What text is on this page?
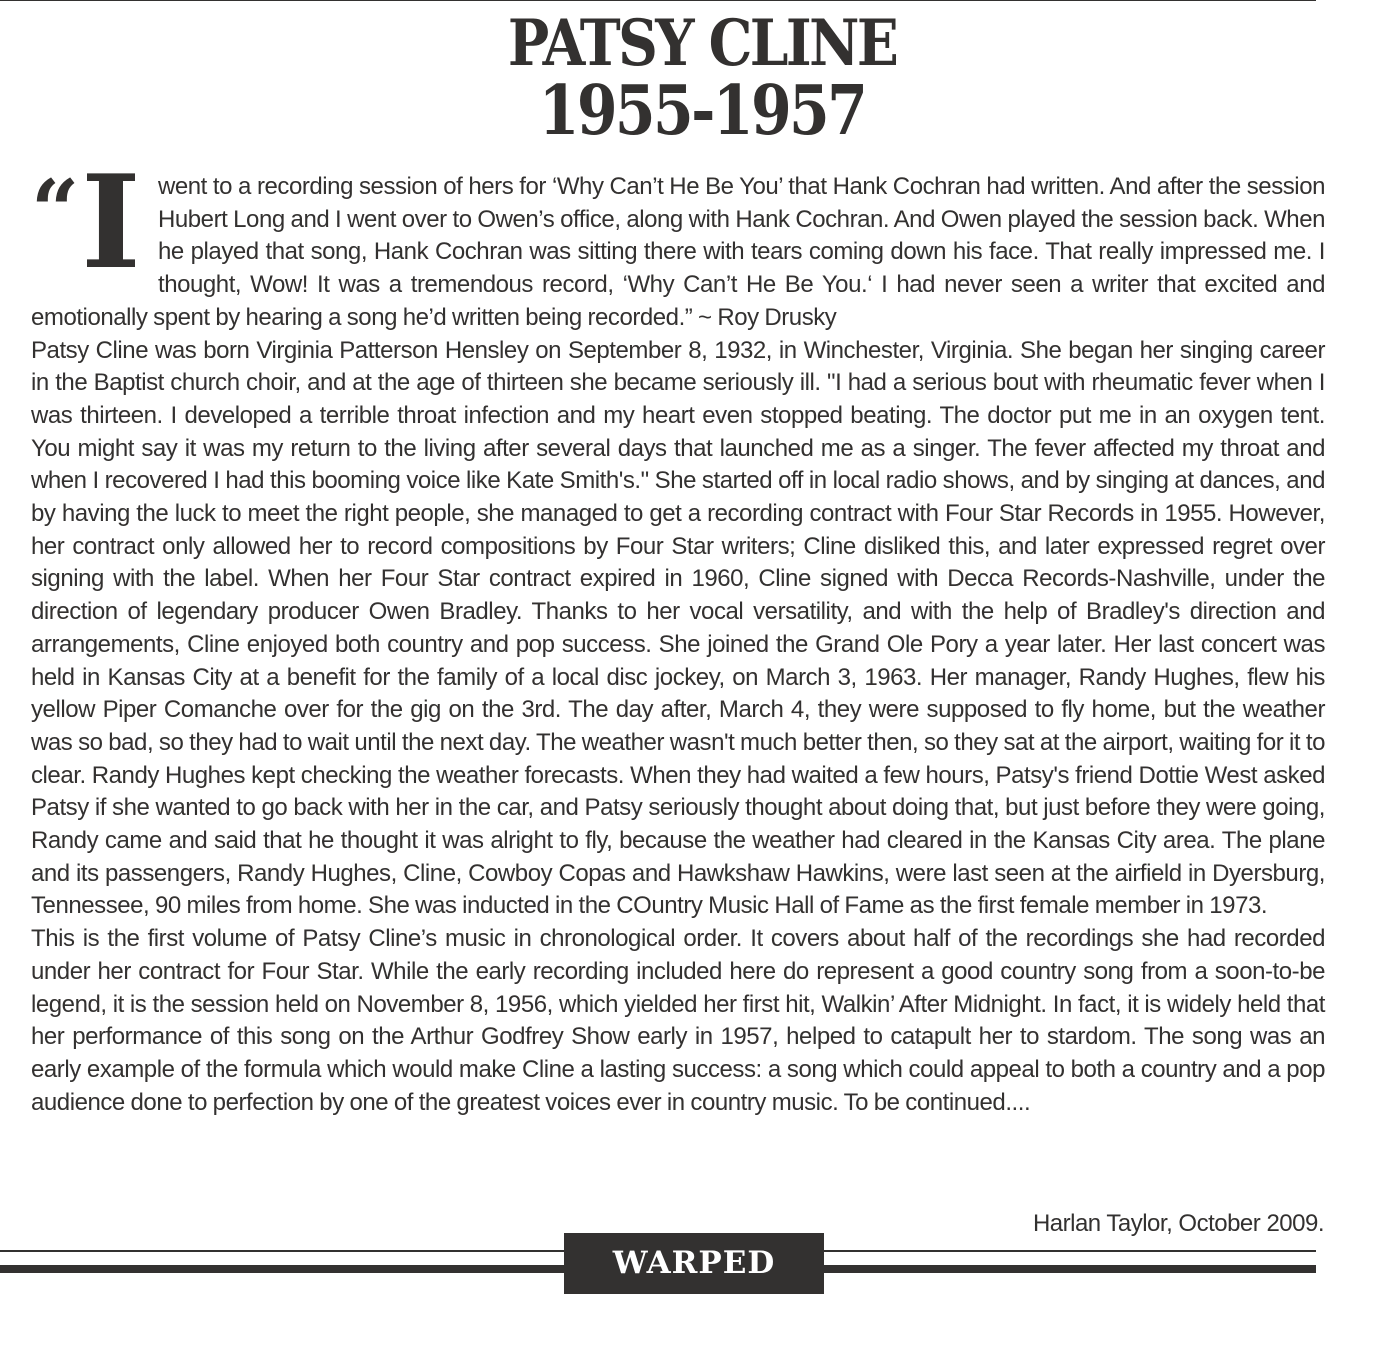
PATSY CLINE
1955-1957

“ I went to a recording session of hers for ‘Why Can’t He Be You’ that Hank Cochran had written. And after the session Hubert Long and I went over to Owen’s office, along with Hank Cochran. And Owen played the session back. When he played that song, Hank Cochran was sitting there with tears coming down his face. That really impressed me. I thought, Wow! It was a tremendous record, ‘Why Can’t He Be You.‘ I had never seen a writer that excited and emotionally spent by hearing a song he’d written being recorded.” ~ Roy Drusky

Patsy Cline was born Virginia Patterson Hensley on September 8, 1932, in Winchester, Virginia. She began her singing career in the Baptist church choir, and at the age of thirteen she became seriously ill. "I had a serious bout with rheumatic fever when I was thirteen. I developed a terrible throat infection and my heart even stopped beating. The doctor put me in an oxygen tent. You might say it was my return to the living after several days that launched me as a singer. The fever affected my throat and when I recovered I had this booming voice like Kate Smith's." She started off in local radio shows, and by singing at dances, and by having the luck to meet the right people, she managed to get a recording contract with Four Star Records in 1955. However, her contract only allowed her to record compositions by Four Star writers; Cline disliked this, and later expressed regret over signing with the label. When her Four Star contract expired in 1960, Cline signed with Decca Records-Nashville, under the direction of legendary producer Owen Bradley. Thanks to her vocal versatility, and with the help of Bradley's direction and arrangements, Cline enjoyed both country and pop success. She joined the Grand Ole Pory a year later. Her last concert was held in Kansas City at a benefit for the family of a local disc jockey, on March 3, 1963. Her manager, Randy Hughes, flew his yellow Piper Comanche over for the gig on the 3rd. The day after, March 4, they were supposed to fly home, but the weather was so bad, so they had to wait until the next day. The weather wasn't much better then, so they sat at the airport, waiting for it to clear. Randy Hughes kept checking the weather forecasts. When they had waited a few hours, Patsy's friend Dottie West asked Patsy if she wanted to go back with her in the car, and Patsy seriously thought about doing that, but just before they were going, Randy came and said that he thought it was alright to fly, because the weather had cleared in the Kansas City area. The plane and its passengers, Randy Hughes, Cline, Cowboy Copas and Hawkshaw Hawkins, were last seen at the airfield in Dyersburg, Tennessee, 90 miles from home. She was inducted in the COuntry Music Hall of Fame as the first female member in 1973.

This is the first volume of Patsy Cline’s music in chronological order. It covers about half of the recordings she had recorded under her contract for Four Star. While the early recording included here do represent a good country song from a soon-to-be legend, it is the session held on November 8, 1956, which yielded her first hit, Walkin’ After Midnight. In fact, it is widely held that her performance of this song on the Arthur Godfrey Show early in 1957, helped to catapult her to stardom. The song was an early example of the formula which would make Cline a lasting success: a song which could appeal to both a country and a pop audience done to perfection by one of the greatest voices ever in country music. To be continued....

Harlan Taylor, October 2009.
WARPED5550
